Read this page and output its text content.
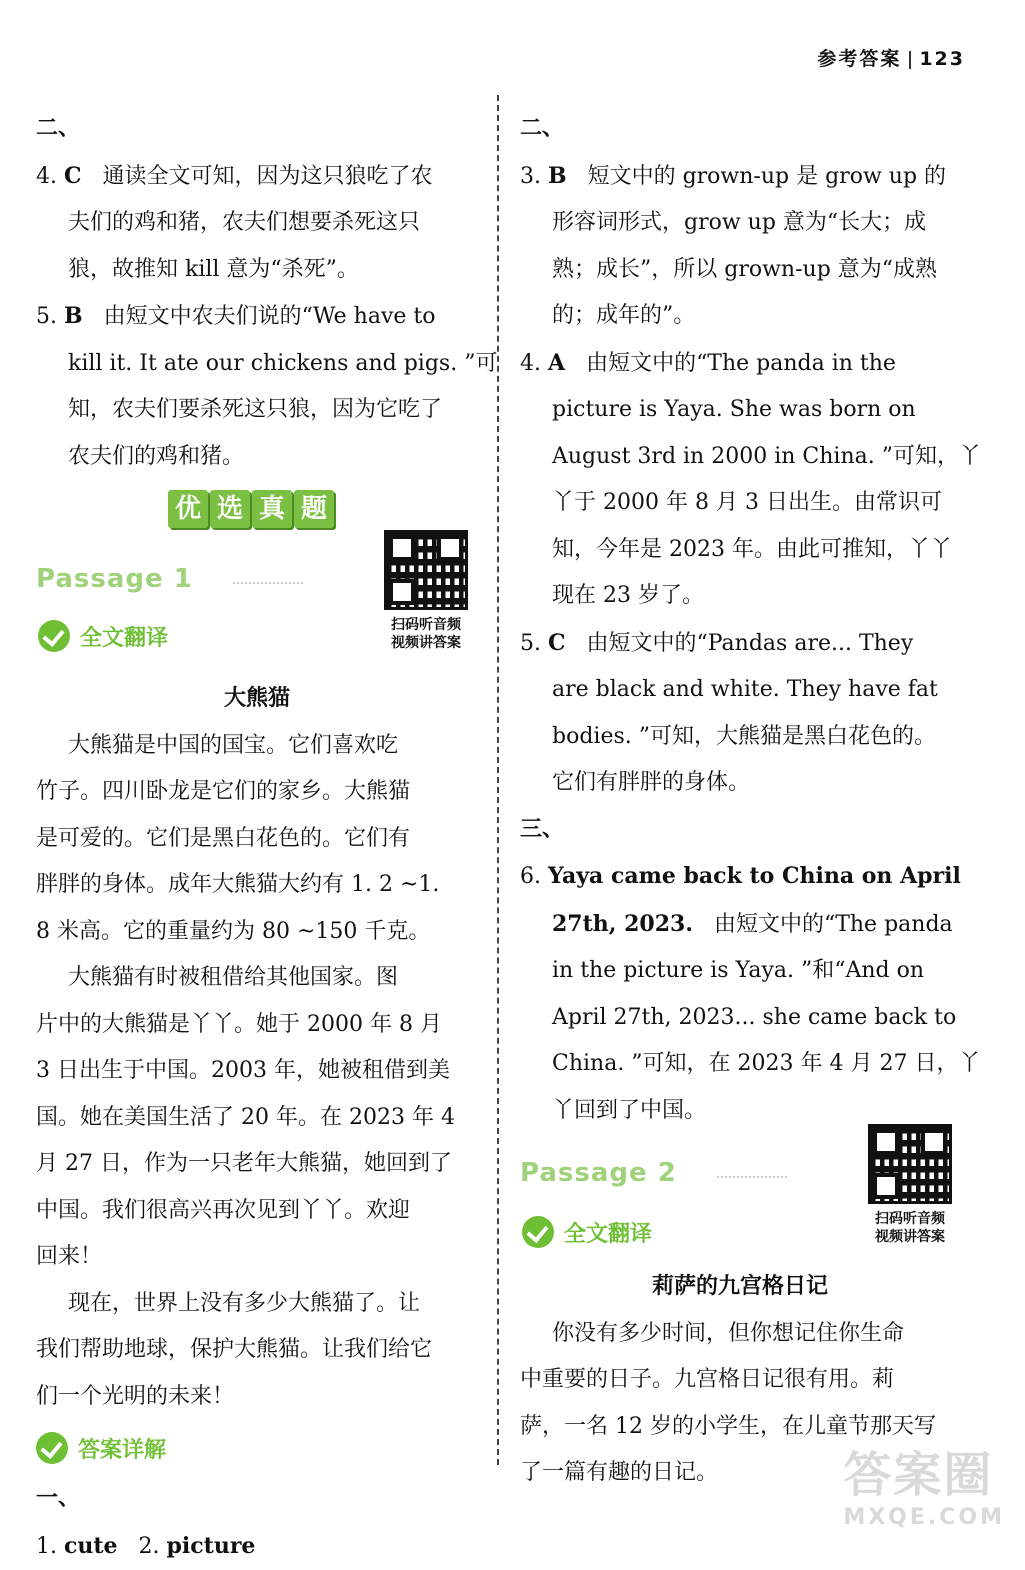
参考答案 123
二、
4. C 通读全文可知，因为这只狼吃了农
夫们的鸡和猪，农夫们想要杀死这只
狼，故推知 kill 意为“杀死”。
5. B 由短文中农夫们说的“We have to
kill it. It ate our chickens and pigs. ”可
知，农夫们要杀死这只狼，因为它吃了
农夫们的鸡和猪。
优 选 真 题
Passage 1
全文翻译
扫码听音频
视频讲答案
大熊猫
大熊猫是中国的国宝。它们喜欢吃
竹子。四川卧龙是它们的家乡。大熊猫
是可爱的。它们是黑白花色的。它们有
胖胖的身体。成年大熊猫大约有 1. 2 ~1.
8 米高。它的重量约为 80 ~150 千克。
大熊猫有时被租借给其他国家。图
片中的大熊猫是丫丫。她于 2000 年 8 月
3 日出生于中国。2003 年，她被租借到美
国。她在美国生活了 20 年。在 2023 年 4
月 27 日，作为一只老年大熊猫，她回到了
中国。我们很高兴再次见到丫丫。欢迎
回来！
现在，世界上没有多少大熊猫了。让
我们帮助地球，保护大熊猫。让我们给它
们一个光明的未来！
答案详解
一、
1. cute 2. picture
二、
3. B 短文中的 grown-up 是 grow up 的
形容词形式，grow up 意为“长大；成
熟；成长”，所以 grown-up 意为“成熟
的；成年的”。
4. A 由短文中的“The panda in the
picture is Yaya. She was born on
August 3rd in 2000 in China. ”可知，丫
丫于 2000 年 8 月 3 日出生。由常识可
知，今年是 2023 年。由此可推知，丫丫
现在 23 岁了。
5. C 由短文中的“Pandas are... They
are black and white. They have fat
bodies. ”可知，大熊猫是黑白花色的。
它们有胖胖的身体。
三、
6. Yaya came back to China on April
27th, 2023. 由短文中的“The panda
in the picture is Yaya. ”和“And on
April 27th, 2023... she came back to
China. ”可知，在 2023 年 4 月 27 日，丫
丫回到了中国。
Passage 2
全文翻译
扫码听音频
视频讲答案
莉萨的九宫格日记
你没有多少时间，但你想记住你生命
中重要的日子。九宫格日记很有用。莉
萨，一名 12 岁的小学生，在儿童节那天写
了一篇有趣的日记。	答案圈
MXQE.COM
